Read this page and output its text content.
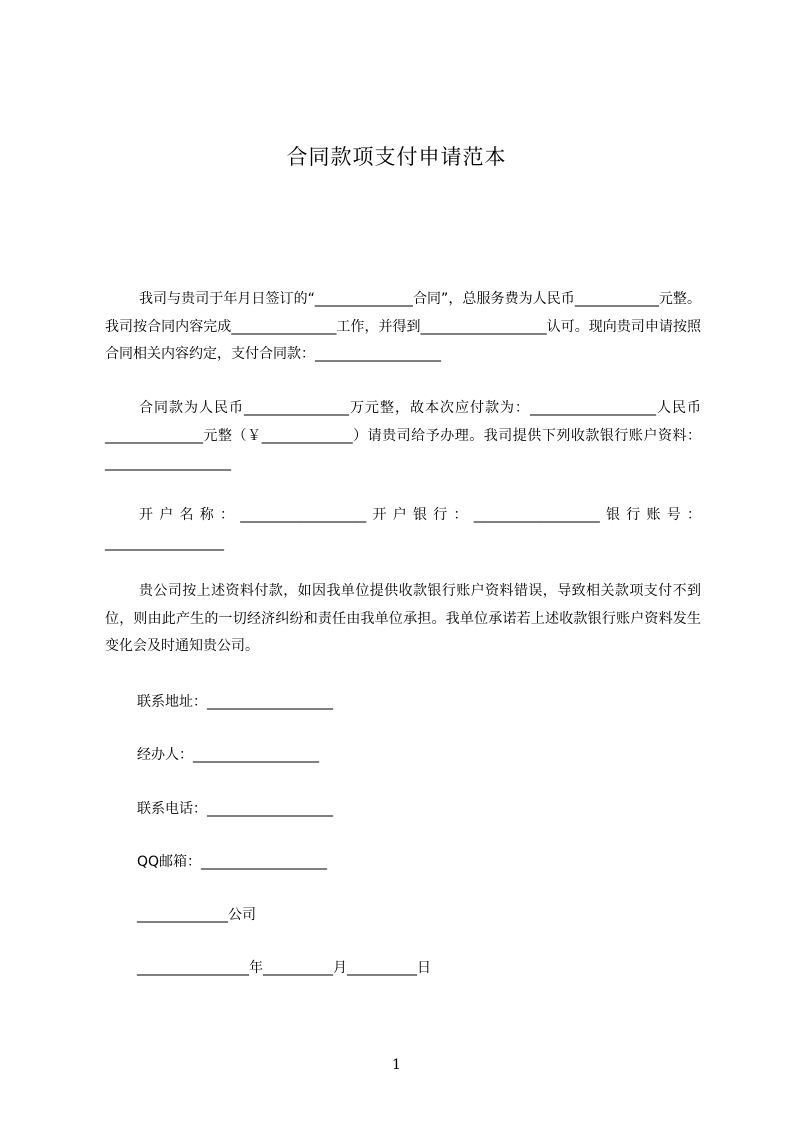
合同款项支付申请范本

我司与贵司于年月日签订的“______________合同”，总服务费为人民币____________元整。我司按合同内容完成_______________工作，并得到__________________认可。现向贵司申请按照合同相关内容约定，支付合同款：__________________

合同款为人民币_______________万元整，故本次应付款为：__________________人民币______________元整（￥_____________）请贵司给予办理。我司提供下列收款银行账户资料：__________________

开户名称：__________________开户银行：__________________银行账号：_________________

贵公司按上述资料付款，如因我单位提供收款银行账户资料错误，导致相关款项支付不到位，则由此产生的一切经济纠纷和责任由我单位承担。我单位承诺若上述收款银行账户资料发生变化会及时通知贵公司。

联系地址：__________________

经办人：__________________

联系电话：__________________

QQ邮箱：__________________

_____________公司

________________年__________月__________日

1
